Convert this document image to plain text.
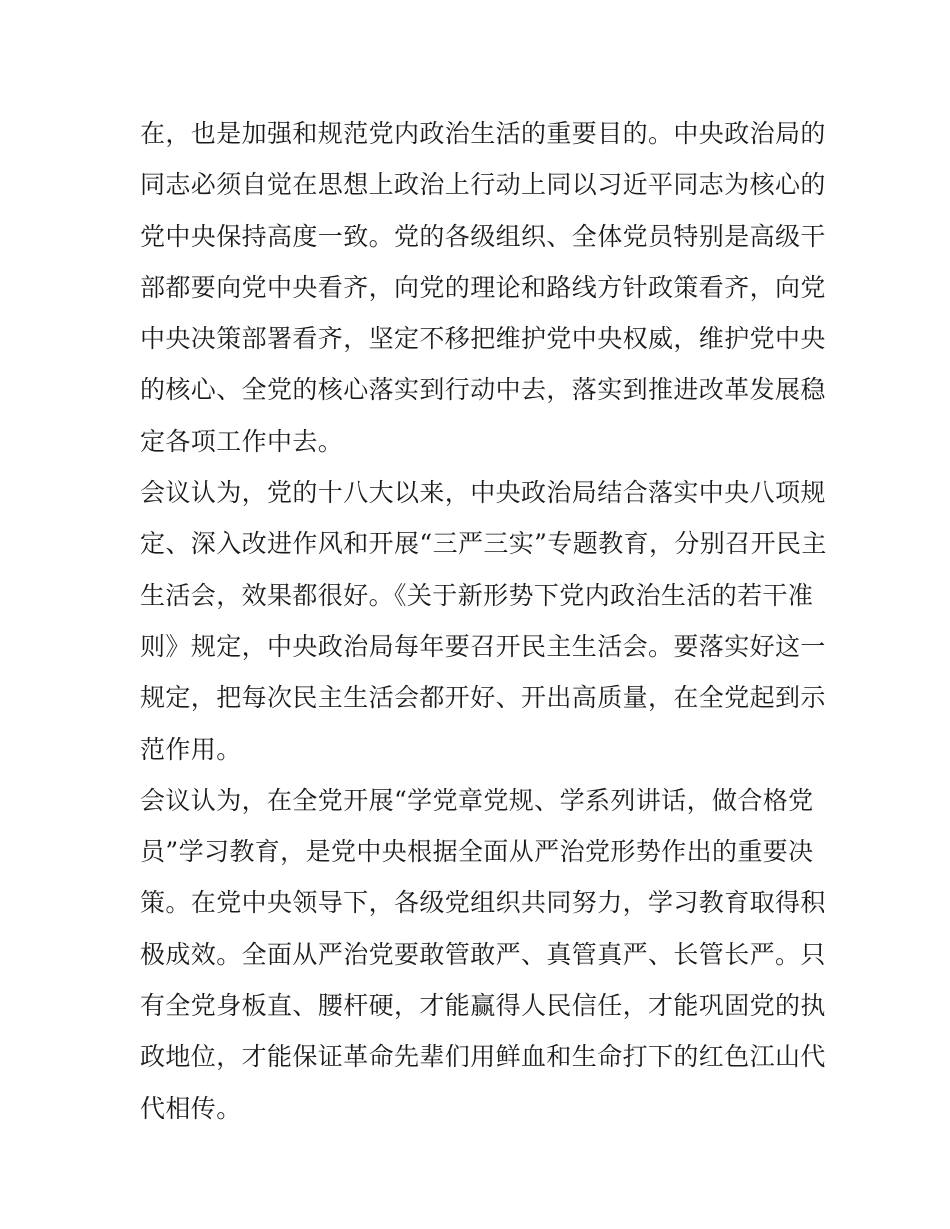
在，也是加强和规范党内政治生活的重要目的。中央政治局的
同志必须自觉在思想上政治上行动上同以习近平同志为核心的
党中央保持高度一致。党的各级组织、全体党员特别是高级干
部都要向党中央看齐，向党的理论和路线方针政策看齐，向党
中央决策部署看齐，坚定不移把维护党中央权威，维护党中央
的核心、全党的核心落实到行动中去，落实到推进改革发展稳
定各项工作中去。
会议认为，党的十八大以来，中央政治局结合落实中央八项规
定、深入改进作风和开展“三严三实”专题教育，分别召开民主
生活会，效果都很好。《关于新形势下党内政治生活的若干准
则》规定，中央政治局每年要召开民主生活会。要落实好这一
规定，把每次民主生活会都开好、开出高质量，在全党起到示
范作用。
会议认为，在全党开展“学党章党规、学系列讲话，做合格党
员”学习教育，是党中央根据全面从严治党形势作出的重要决
策。在党中央领导下，各级党组织共同努力，学习教育取得积
极成效。全面从严治党要敢管敢严、真管真严、长管长严。只
有全党身板直、腰杆硬，才能赢得人民信任，才能巩固党的执
政地位，才能保证革命先辈们用鲜血和生命打下的红色江山代
代相传。
